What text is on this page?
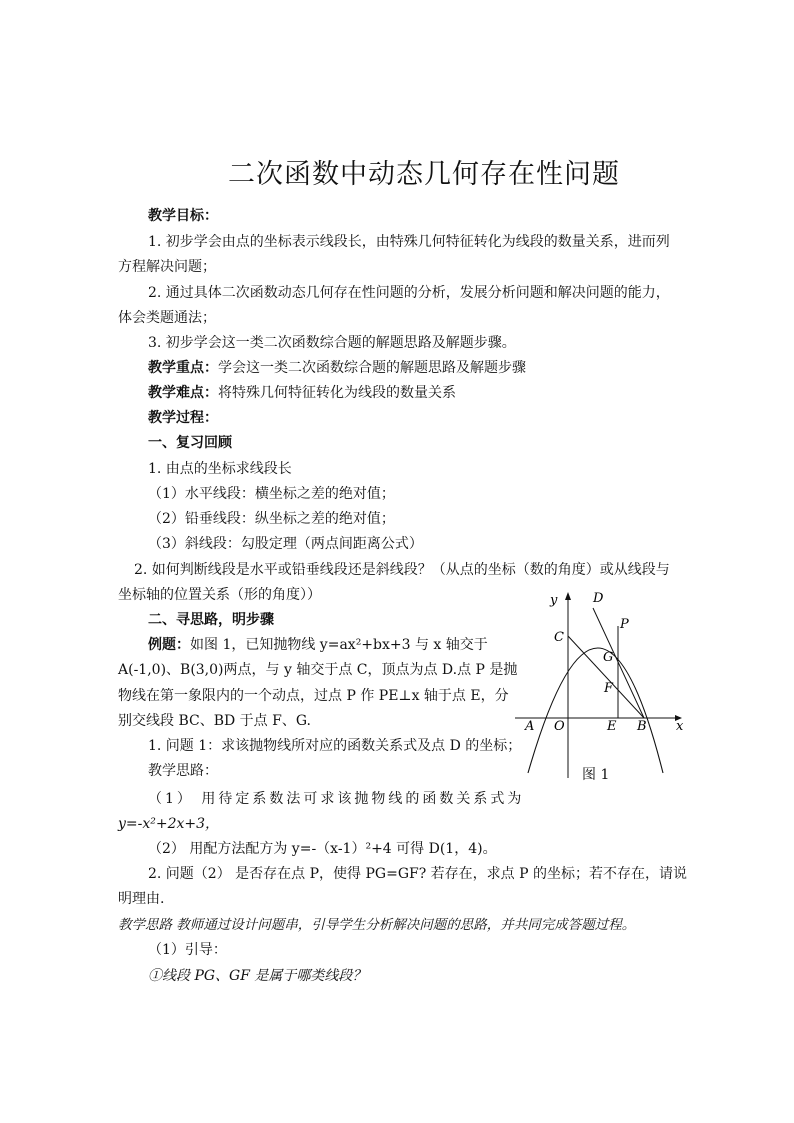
二次函数中动态几何存在性问题
教学目标：
1. 初步学会由点的坐标表示线段长，由特殊几何特征转化为线段的数量关系，进而列
方程解决问题；
2. 通过具体二次函数动态几何存在性问题的分析，发展分析问题和解决问题的能力，
体会类题通法；
3. 初步学会这一类二次函数综合题的解题思路及解题步骤。
教学重点：学会这一类二次函数综合题的解题思路及解题步骤
教学难点：将特殊几何特征转化为线段的数量关系
教学过程：
一、复习回顾
1. 由点的坐标求线段长
（1）水平线段：横坐标之差的绝对值；
（2）铅垂线段：纵坐标之差的绝对值；
（3）斜线段：勾股定理（两点间距离公式）
2. 如何判断线段是水平或铅垂线段还是斜线段？（从点的坐标（数的角度）或从线段与
坐标轴的位置关系（形的角度））
二、寻思路，明步骤
例题：如图 1，已知抛物线 y=ax²+bx+3 与 x 轴交于
A(-1,0)、B(3,0)两点，与 y 轴交于点 C，顶点为点 D.点 P 是抛
物线在第一象限内的一个动点，过点 P 作 PE⊥x 轴于点 E，分
别交线段 BC、BD 于点 F、G.
1. 问题 1：求该抛物线所对应的函数关系式及点 D 的坐标；
教学思路：
（1） 用待定系数法可求该抛物线的函数关系式为
y=-x²+2x+3，
（2） 用配方法配方为 y=-（x-1）²+4 可得 D(1，4)。
2. 问题（2） 是否存在点 P，使得 PG=GF? 若存在，求点 P 的坐标；若不存在，请说
明理由.
教学思路 教师通过设计问题串，引导学生分析解决问题的思路，并共同完成答题过程。
（1）引导：
①线段 PG、GF 是属于哪类线段？
y
x
D
P
C
G
F
A O	E B
图 1
